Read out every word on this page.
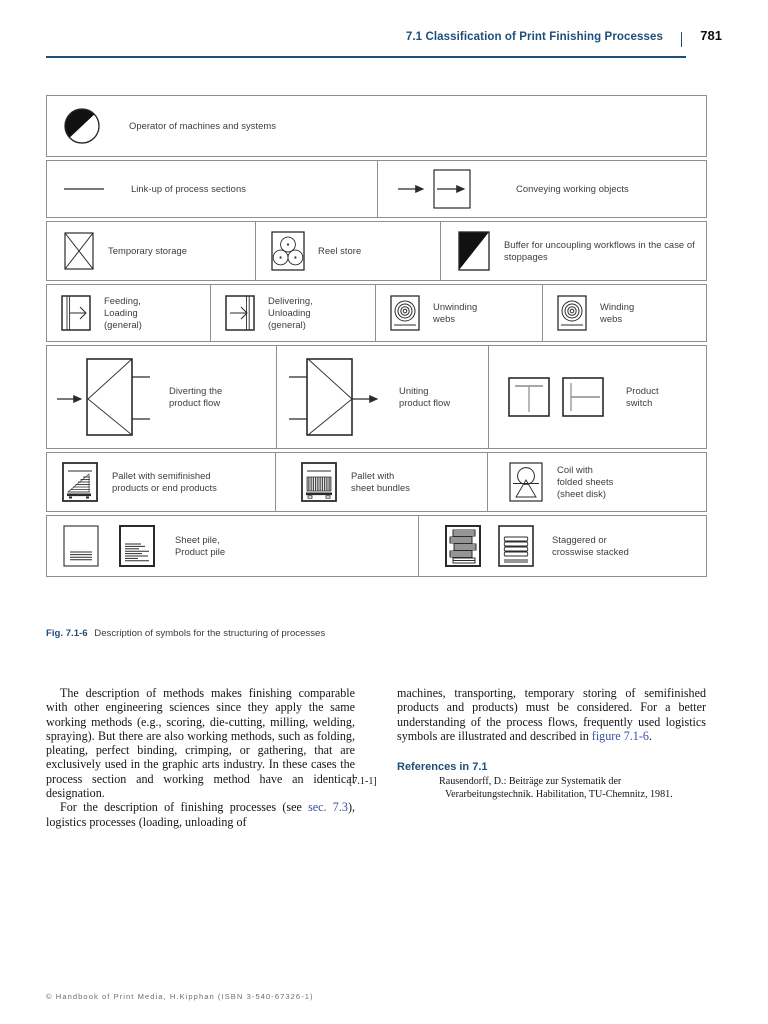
7.1 Classification of Print Finishing Processes	781
Operator of machines and systems
Link-up of process sections	Conveying working objects
Temporary storage	Reel store
Buffer for uncoupling workflows in the case of stoppages
Feeding,
Loading
(general)
Delivering,
Unloading
(general)
Unwinding
webs
Winding
webs
Diverting the
product flow
Uniting
product flow
Product
switch
Pallet with semifinished
products or end products
Pallet with
sheet bundles
Coil with
folded sheets
(sheet disk)
Sheet pile,
Product pile
Staggered or
crosswise stacked
Fig. 7.1-6 Description of symbols for the structuring of processes

The description of methods makes finishing comparable with other engineering sciences since they apply the same working methods (e.g., scoring, die-cutting, milling, welding, spraying). But there are also working methods, such as folding, pleating, perfect binding, crimping, or gathering, that are exclusively used in the graphic arts industry. In these cases the process section and working method have an identical designation.

For the description of finishing processes (see sec. 7.3), logistics processes (loading, unloading of

machines, transporting, temporary storing of semifinished products and products) must be considered. For a better understanding of the process flows, frequently used logistics symbols are illustrated and described in figure 7.1-6.

References in 7.1
[7.1-1]	Rausendorff, D.: Beiträge zur Systematik der Verarbeitungstechnik. Habilitation, TU-Chemnitz, 1981.
© Handbook of Print Media, H.Kipphan (ISBN 3-540-67326-1)
